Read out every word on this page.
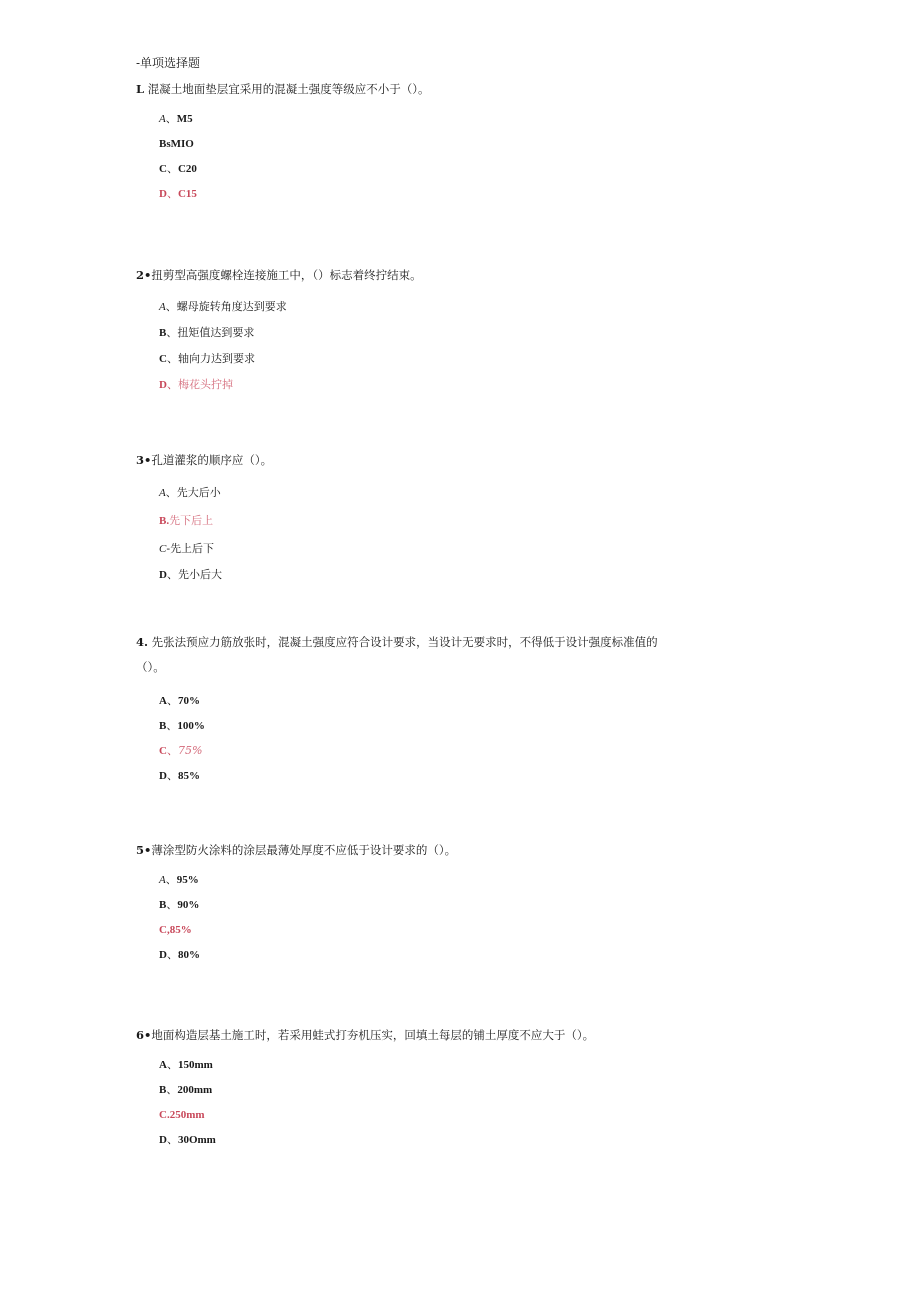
-单项选择题

L 混凝土地面垫层宜采用的混凝土强度等级应不小于（）。

A、M5
BsMIO
C、C20
D、C15

2•扭剪型高强度螺栓连接施工中，（）标志着终拧结束。

A、螺母旋转角度达到要求
B、扭矩值达到要求
C、轴向力达到要求
D、梅花头拧掉

3•孔道灌浆的顺序应（）。

A、先大后小
B.先下后上
C-先上后下
D、先小后大

4. 先张法预应力筋放张时，混凝土强度应符合设计要求，当设计无要求时，不得低于设计强度标准值的（）。

A、70%
B、100%
C、75%
D、85%

5•薄涂型防火涂料的涂层最薄处厚度不应低于设计要求的（）。

A、95%
B、90%
C,85%
D、80%

6•地面构造层基土施工时，若采用蛙式打夯机压实，回填土每层的铺土厚度不应大于（）。

A、150mm
B、200mm
C.250mm
D、30Omm
